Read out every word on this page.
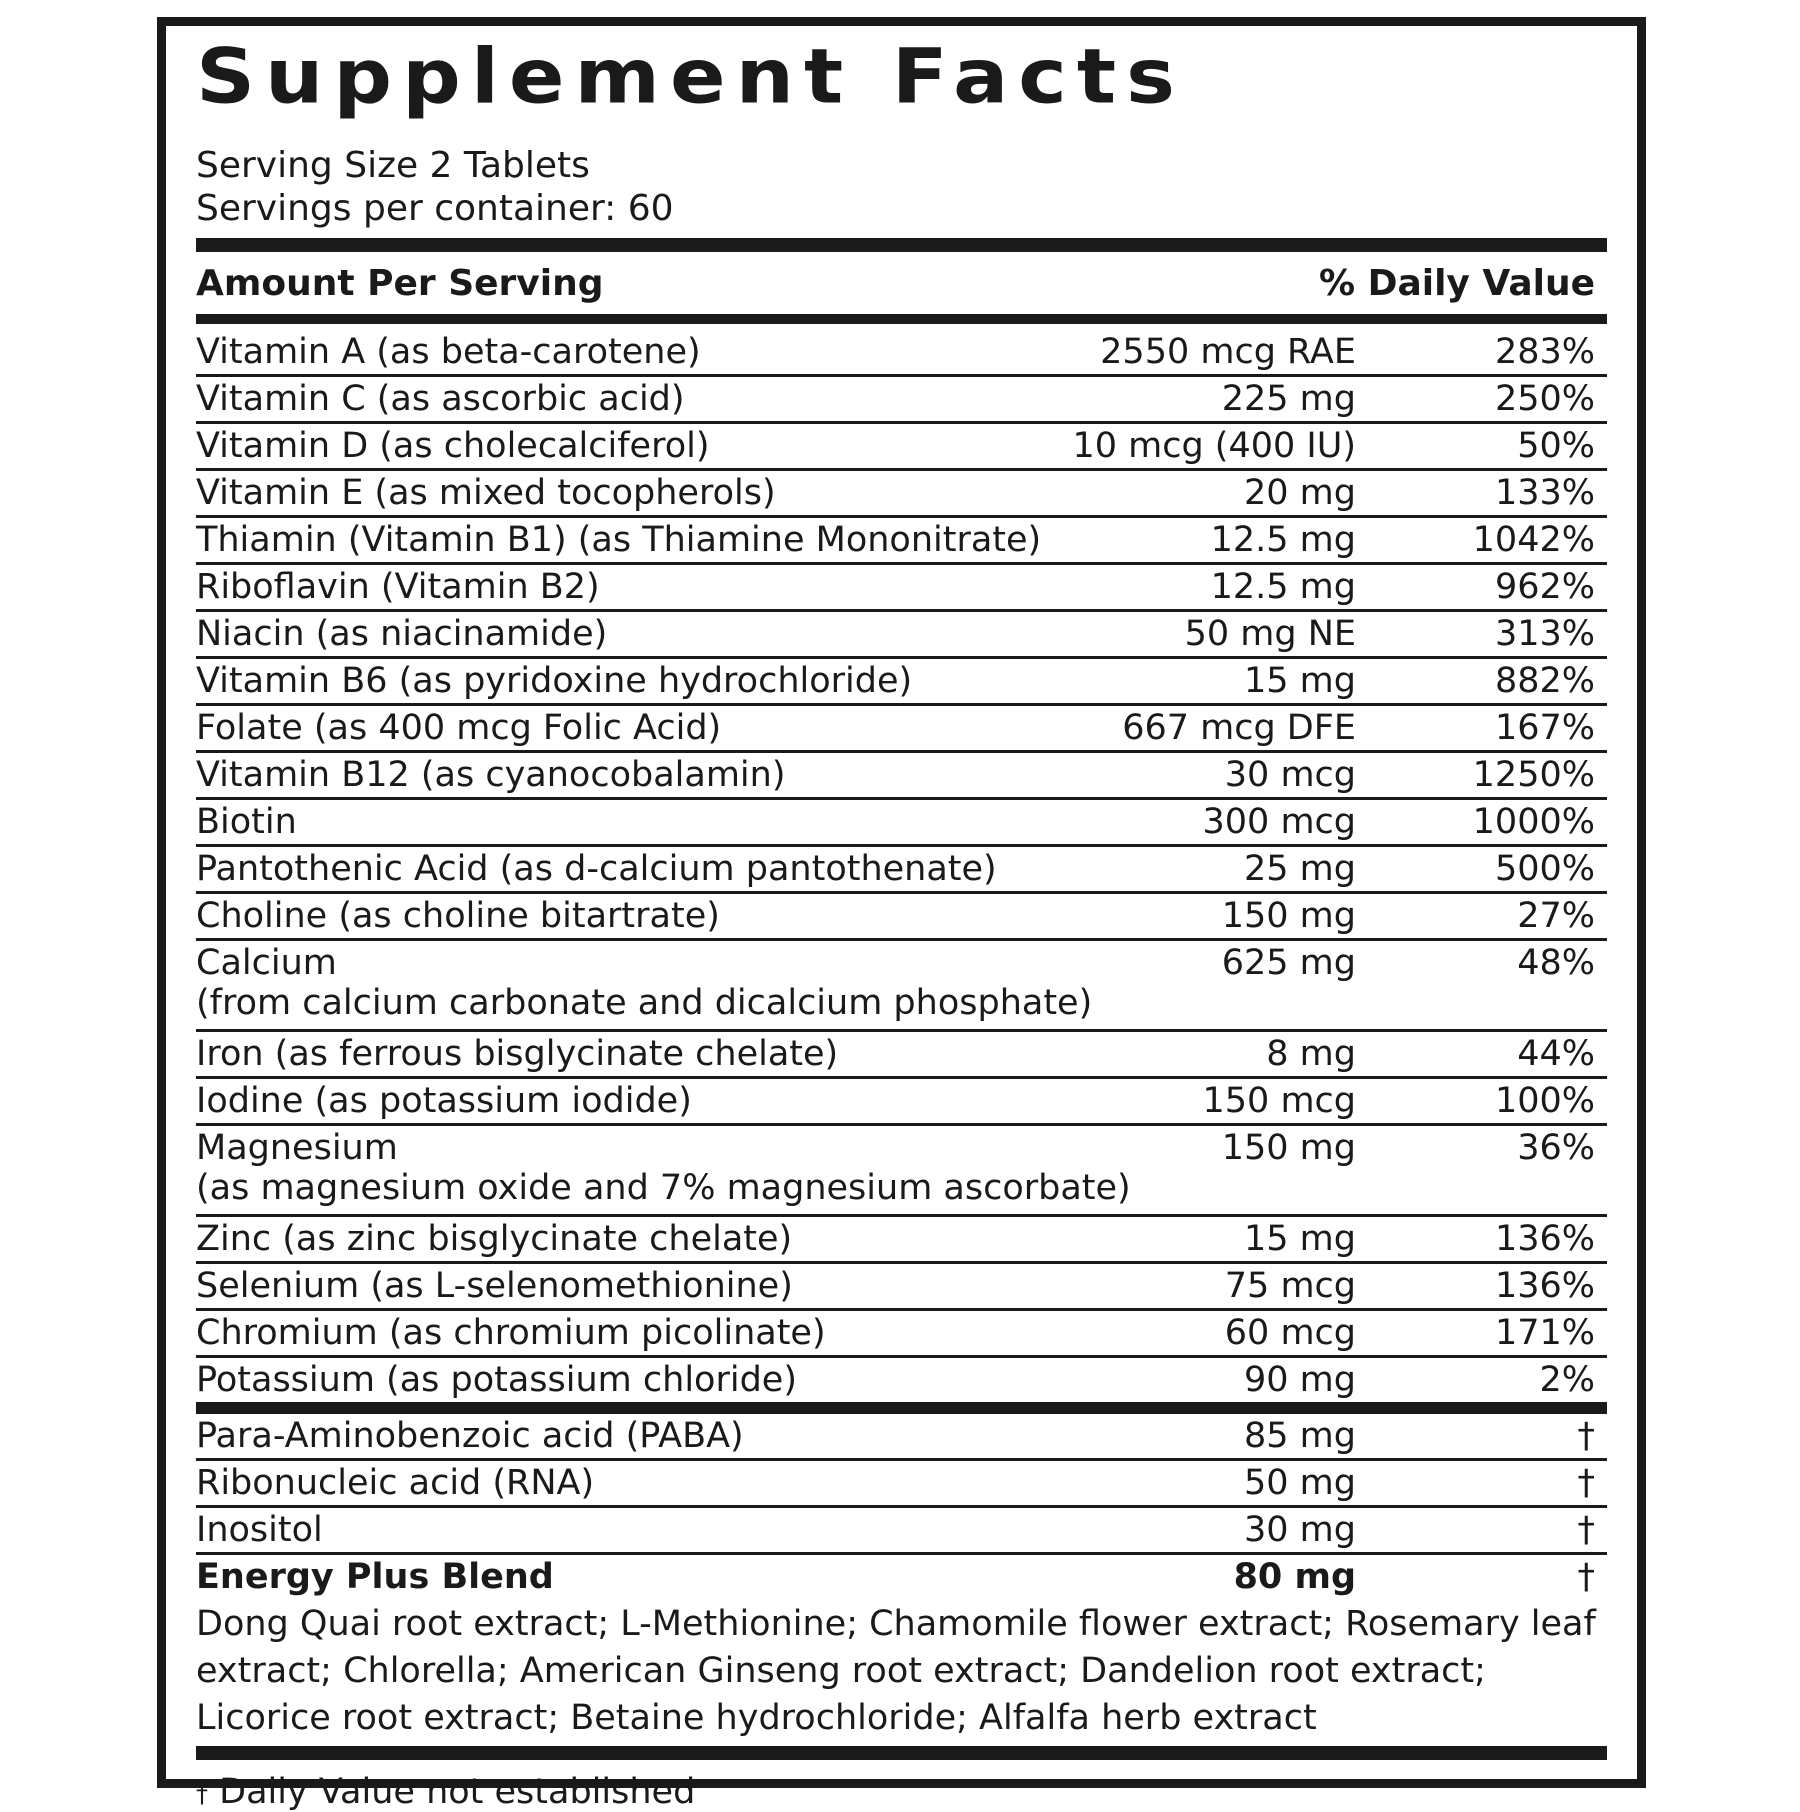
Supplement Facts
Serving Size 2 Tablets
Servings per container: 60
Amount Per Serving	% Daily Value
Vitamin A (as beta-carotene)	2550 mcg RAE	283%
Vitamin C (as ascorbic acid)	225 mg	250%
Vitamin D (as cholecalciferol)	10 mcg (400 IU)	50%
Vitamin E (as mixed tocopherols)	20 mg	133%
Thiamin (Vitamin B1) (as Thiamine Mononitrate)	12.5 mg	1042%
Riboflavin (Vitamin B2)	12.5 mg	962%
Niacin (as niacinamide)	50 mg NE	313%
Vitamin B6 (as pyridoxine hydrochloride)	15 mg	882%
Folate (as 400 mcg Folic Acid)	667 mcg DFE	167%
Vitamin B12 (as cyanocobalamin)	30 mcg	1250%
Biotin	300 mcg	1000%
Pantothenic Acid (as d-calcium pantothenate)	25 mg	500%
Choline (as choline bitartrate)	150 mg	27%
Calcium
(from calcium carbonate and dicalcium phosphate)
625 mg	48%
Iron (as ferrous bisglycinate chelate)	8 mg	44%
Iodine (as potassium iodide)	150 mcg	100%
Magnesium
(as magnesium oxide and 7% magnesium ascorbate)
150 mg	36%
Zinc (as zinc bisglycinate chelate)	15 mg	136%
Selenium (as L-selenomethionine)	75 mcg	136%
Chromium (as chromium picolinate)	60 mcg	171%
Potassium (as potassium chloride)	90 mg	2%
Para-Aminobenzoic acid (PABA)	85 mg	†
Ribonucleic acid (RNA)	50 mg	†
Inositol	30 mg	†
Energy Plus Blend	80 mg	†
Dong Quai root extract; L-Methionine; Chamomile flower extract; Rosemary leaf extract; Chlorella; American Ginseng root extract; Dandelion root extract; Licorice root extract; Betaine hydrochloride; Alfalfa herb extract
† Daily Value not established
